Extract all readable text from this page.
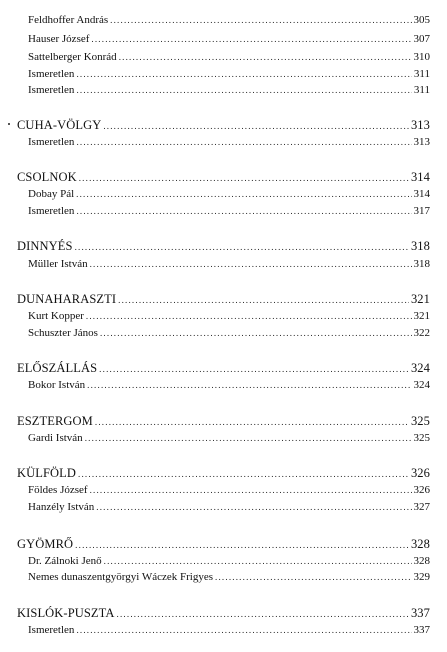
Feldhoffer András .....	305
Hauser József .....	307
Sattelberger Konrád .....	310
Ismeretlen .....	311
Ismeretlen .....	311
CUHA-VÖLGY .....	313
Ismeretlen .....	313
CSOLNOK .....	314
Dobay Pál .....	314
Ismeretlen .....	317
DINNYÉS .....	318
Müller István .....	318
DUNAHARASZTI .....	321
Kurt Kopper .....	321
Schuszter János .....	322
ELŐSZÁLLÁS .....	324
Bokor István .....	324
ESZTERGOM .....	325
Gardi István .....	325
KÜLFÖLD .....	326
Földes József .....	326
Hanzély István .....	327
GYÖMRŐ .....	328
Dr. Zálnoki Jenő .....	328
Nemes dunaszentgyörgyi Wáczek Frigyes .....	329
KISLÓK-PUSZTA .....	337
Ismeretlen .....	337
